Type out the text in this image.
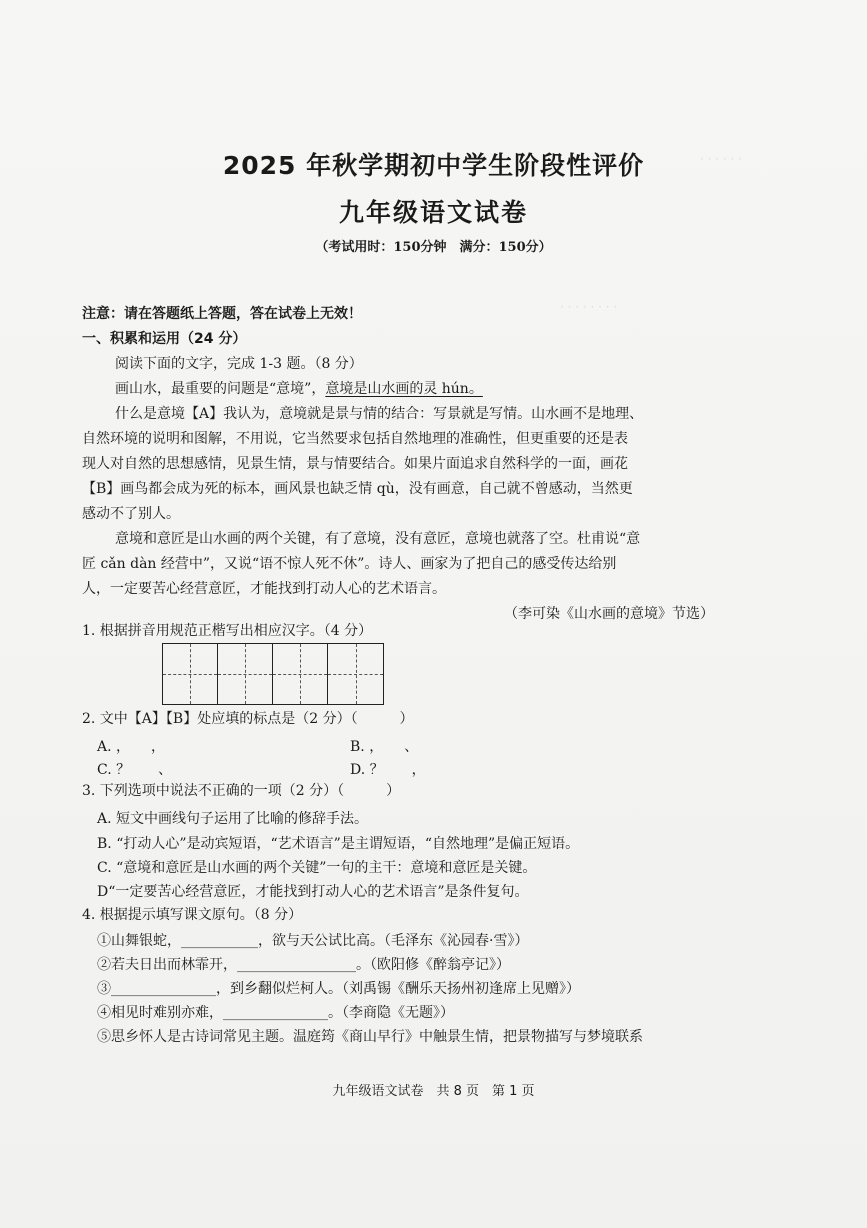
· · · · · ·
· · · · · · · ·
2025 年秋学期初中学生阶段性评价
九年级语文试卷
（考试用时：150分钟　满分：150分）
注意：请在答题纸上答题，答在试卷上无效！
一、积累和运用（24 分）
阅读下面的文字，完成 1-3 题。（8 分）
画山水，最重要的问题是“意境”，意境是山水画的灵 hún。
什么是意境【A】我认为，意境就是景与情的结合：写景就是写情。山水画不是地理、
自然环境的说明和图解，不用说，它当然要求包括自然地理的准确性，但更重要的还是表
现人对自然的思想感情，见景生情，景与情要结合。如果片面追求自然科学的一面，画花
【B】画鸟都会成为死的标本，画风景也缺乏情 qù，没有画意，自己就不曾感动，当然更
感动不了别人。
意境和意匠是山水画的两个关键，有了意境，没有意匠，意境也就落了空。杜甫说“意
匠 cǎn dàn 经营中”，又说“语不惊人死不休”。诗人、画家为了把自己的感受传达给别
人，一定要苦心经营意匠，才能找到打动人心的艺术语言。
（李可染《山水画的意境》节选）
1. 根据拼音用规范正楷写出相应汉字。（4 分）
2. 文中【A】【B】处应填的标点是（2 分）（　　　）
A. ，　　，	B. ，　　、
C. ？　　、	D. ？　　，
3. 下列选项中说法不正确的一项（2 分）（　　　）
A. 短文中画线句子运用了比喻的修辞手法。
B. “打动人心”是动宾短语，“艺术语言”是主谓短语，“自然地理”是偏正短语。
C. “意境和意匠是山水画的两个关键”一句的主干：意境和意匠是关键。
D“一定要苦心经营意匠，才能找到打动人心的艺术语言”是条件复句。
4. 根据提示填写课文原句。（8 分）
①山舞银蛇，___________，欲与天公试比高。（毛泽东《沁园春·雪》）
②若夫日出而林霏开，_________________。（欧阳修《醉翁亭记》）
③_______________，到乡翻似烂柯人。（刘禹锡《酬乐天扬州初逢席上见赠》）
④相见时难别亦难，_______________。（李商隐《无题》）
⑤思乡怀人是古诗词常见主题。温庭筠《商山早行》中触景生情，把景物描写与梦境联系
九年级语文试卷　共 8 页　第 1 页
